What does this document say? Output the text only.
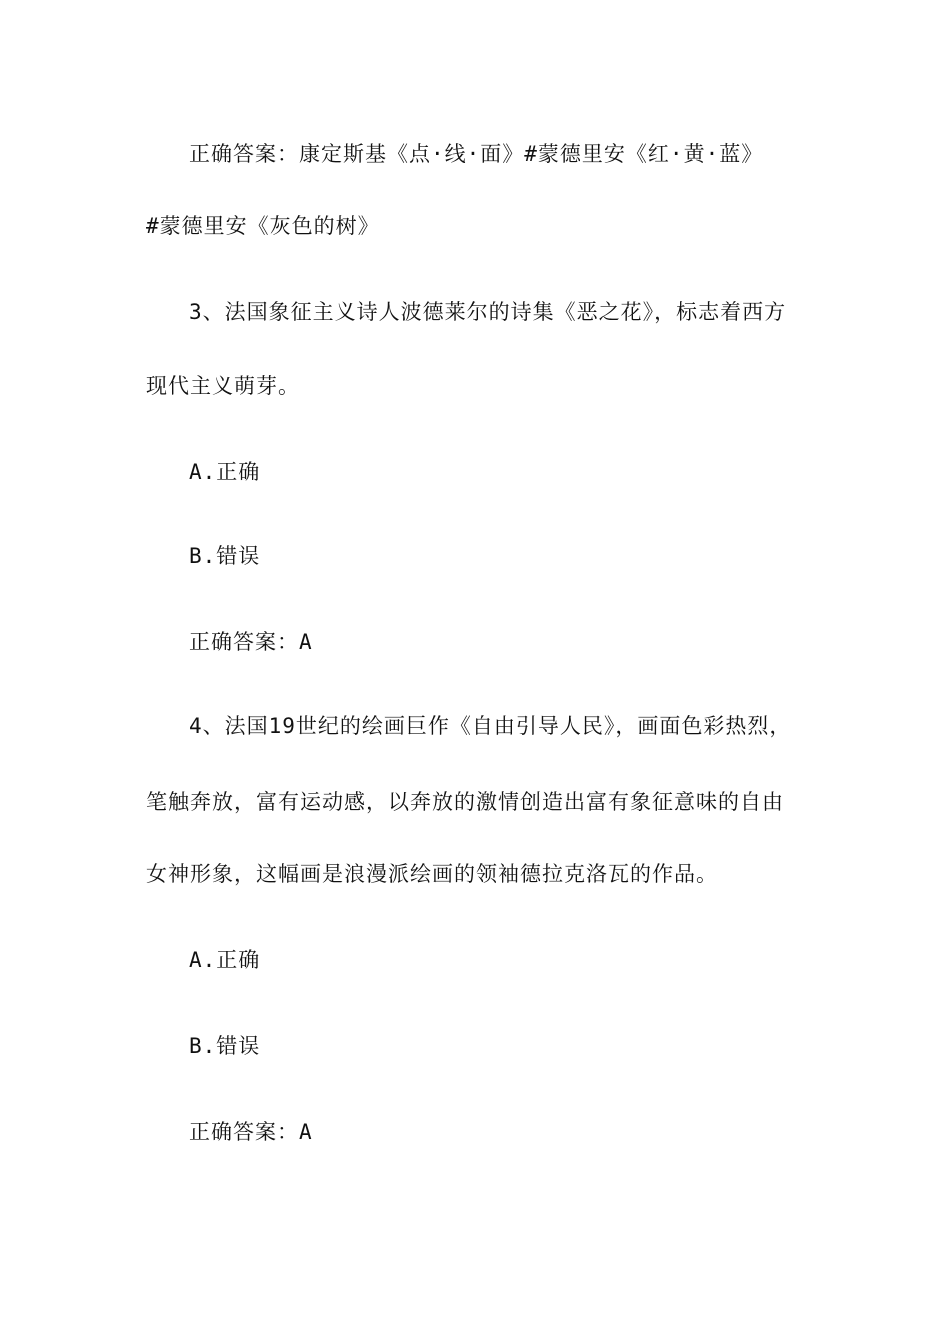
正确答案：康定斯基《点·线·面》#蒙德里安《红·黄·蓝》
#蒙德里安《灰色的树》
3、法国象征主义诗人波德莱尔的诗集《恶之花》，标志着西方
现代主义萌芽。
A.正确
B.错误
正确答案：A
4、法国19世纪的绘画巨作《自由引导人民》，画面色彩热烈，
笔触奔放，富有运动感，以奔放的激情创造出富有象征意味的自由
女神形象，这幅画是浪漫派绘画的领袖德拉克洛瓦的作品。
A.正确
B.错误
正确答案：A
